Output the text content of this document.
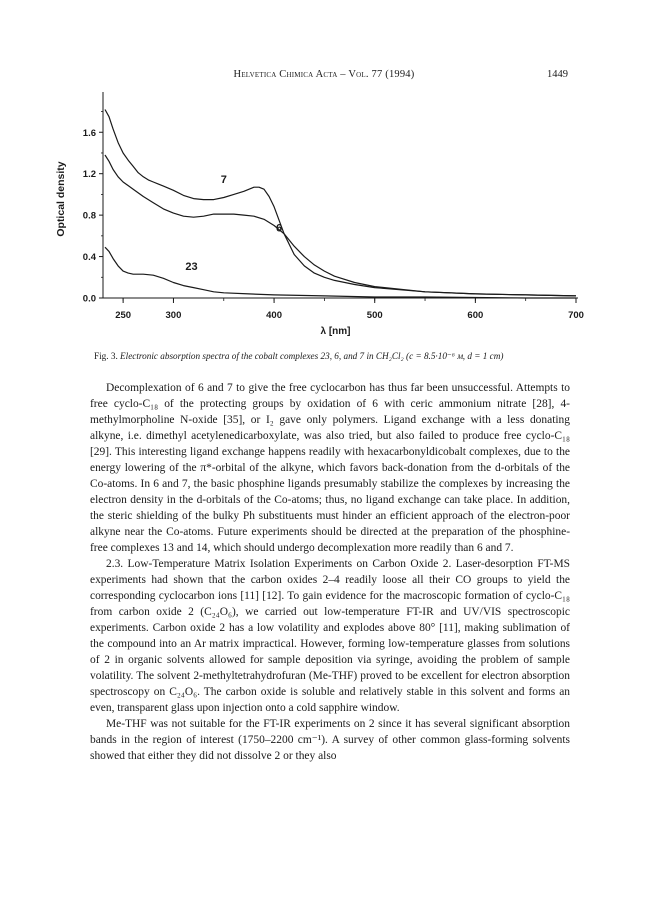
Helvetica Chimica Acta – Vol. 77 (1994)	1449
λ [nm]
Optical density
250	300	400	500	600	700
0.0
0.4
0.8
1.2
1.6
7
6
23
Fig. 3. Electronic absorption spectra of the cobalt complexes 23, 6, and 7 in CH₂Cl₂ (c = 8.5·10⁻⁶ ᴍ, d = 1 cm)

Decomplexation of 6 and 7 to give the free cyclocarbon has thus far been unsuccessful. Attempts to free cyclo-C₁₈ of the protecting groups by oxidation of 6 with ceric ammonium nitrate [28], 4-methylmorpholine N-oxide [35], or I₂ gave only polymers. Ligand exchange with a less donating alkyne, i.e. dimethyl acetylenedicarboxylate, was also tried, but also failed to produce free cyclo-C₁₈ [29]. This interesting ligand exchange happens readily with hexacarbonyldicobalt complexes, due to the energy lowering of the π*-orbital of the alkyne, which favors back-donation from the d-orbitals of the Co-atoms. In 6 and 7, the basic phosphine ligands presumably stabilize the complexes by increasing the electron density in the d-orbitals of the Co-atoms; thus, no ligand exchange can take place. In addition, the steric shielding of the bulky Ph substituents must hinder an efficient approach of the electron-poor alkyne near the Co-atoms. Future experiments should be directed at the preparation of the phosphine-free complexes 13 and 14, which should undergo decomplexation more readily than 6 and 7.

2.3. Low-Temperature Matrix Isolation Experiments on Carbon Oxide 2. Laser-desorption FT-MS experiments had shown that the carbon oxides 2–4 readily loose all their CO groups to yield the corresponding cyclocarbon ions [11] [12]. To gain evidence for the macroscopic formation of cyclo-C₁₈ from carbon oxide 2 (C₂₄O₆), we carried out low-temperature FT-IR and UV/VIS spectroscopic experiments. Carbon oxide 2 has a low volatility and explodes above 80° [11], making sublimation of the compound into an Ar matrix impractical. However, forming low-temperature glasses from solutions of 2 in organic solvents allowed for sample deposition via syringe, avoiding the problem of sample volatility. The solvent 2-methyltetrahydrofuran (Me-THF) proved to be excellent for electron absorption spectroscopy on C₂₄O₆. The carbon oxide is soluble and relatively stable in this solvent and forms an even, transparent glass upon injection onto a cold sapphire window.

Me-THF was not suitable for the FT-IR experiments on 2 since it has several significant absorption bands in the region of interest (1750–2200 cm⁻¹). A survey of other common glass-forming solvents showed that either they did not dissolve 2 or they also
